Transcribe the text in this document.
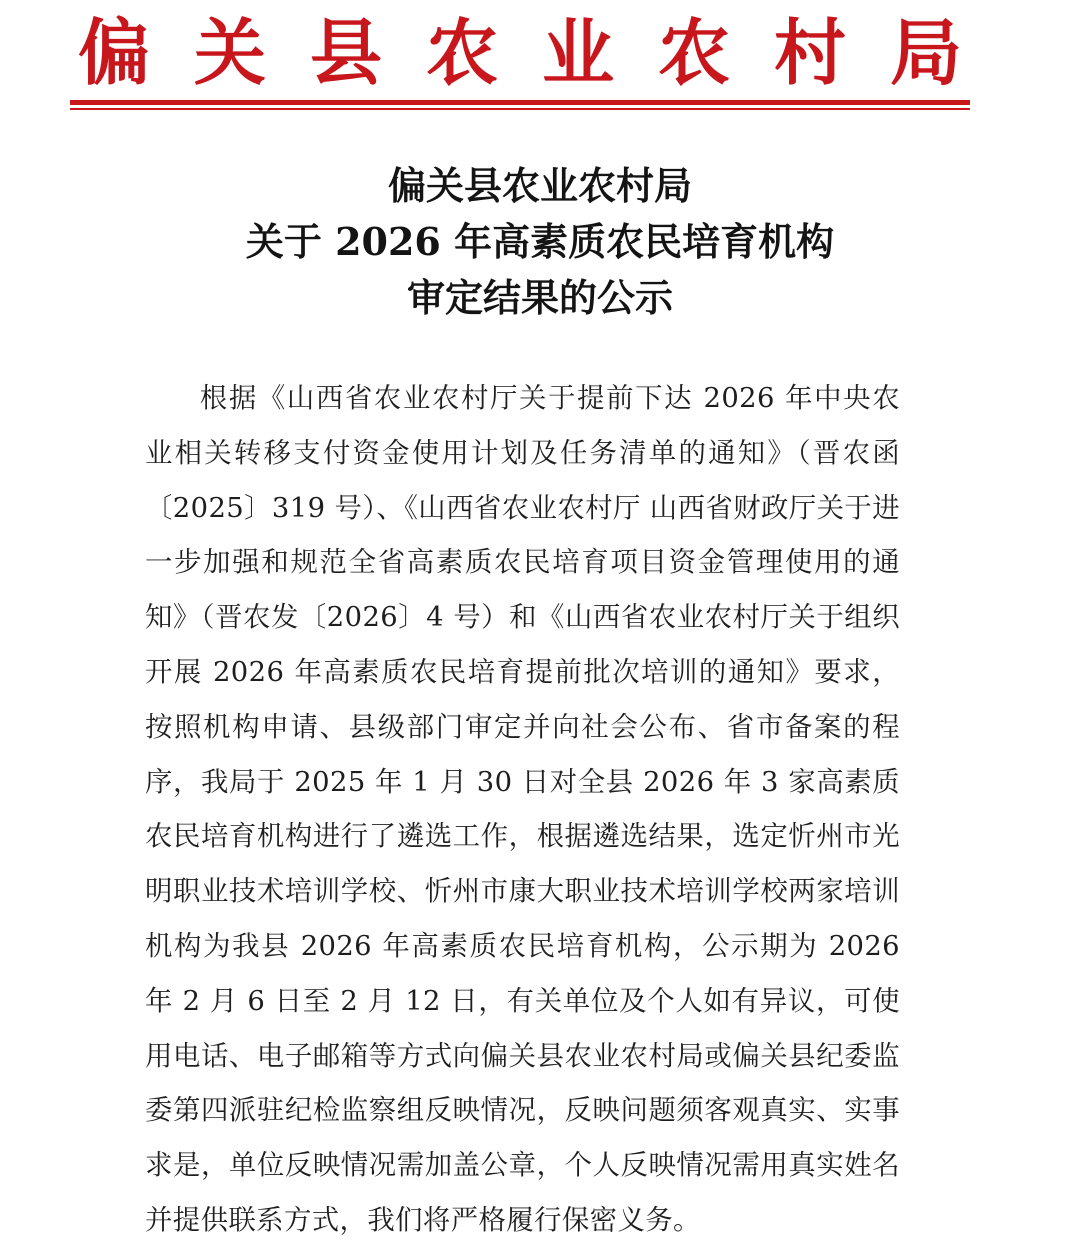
偏 关 县 农 业 农 村 局
偏关县农业农村局
关于 2026 年高素质农民培育机构
审定结果的公示

根据《山西省农业农村厅关于提前下达 2026 年中央农业相关转移支付资金使用计划及任务清单的通知》（晋农函〔2025〕319 号）、《山西省农业农村厅 山西省财政厅关于进一步加强和规范全省高素质农民培育项目资金管理使用的通知》（晋农发〔2026〕4 号）和《山西省农业农村厅关于组织开展 2026 年高素质农民培育提前批次培训的通知》要求，按照机构申请、县级部门审定并向社会公布、省市备案的程序，我局于 2025 年 1 月 30 日对全县 2026 年 3 家高素质农民培育机构进行了遴选工作，根据遴选结果，选定忻州市光明职业技术培训学校、忻州市康大职业技术培训学校两家培训机构为我县 2026 年高素质农民培育机构，公示期为 2026 年 2 月 6 日至 2 月 12 日，有关单位及个人如有异议，可使用电话、电子邮箱等方式向偏关县农业农村局或偏关县纪委监委第四派驻纪检监察组反映情况，反映问题须客观真实、实事求是，单位反映情况需加盖公章，个人反映情况需用真实姓名并提供联系方式，我们将严格履行保密义务。
